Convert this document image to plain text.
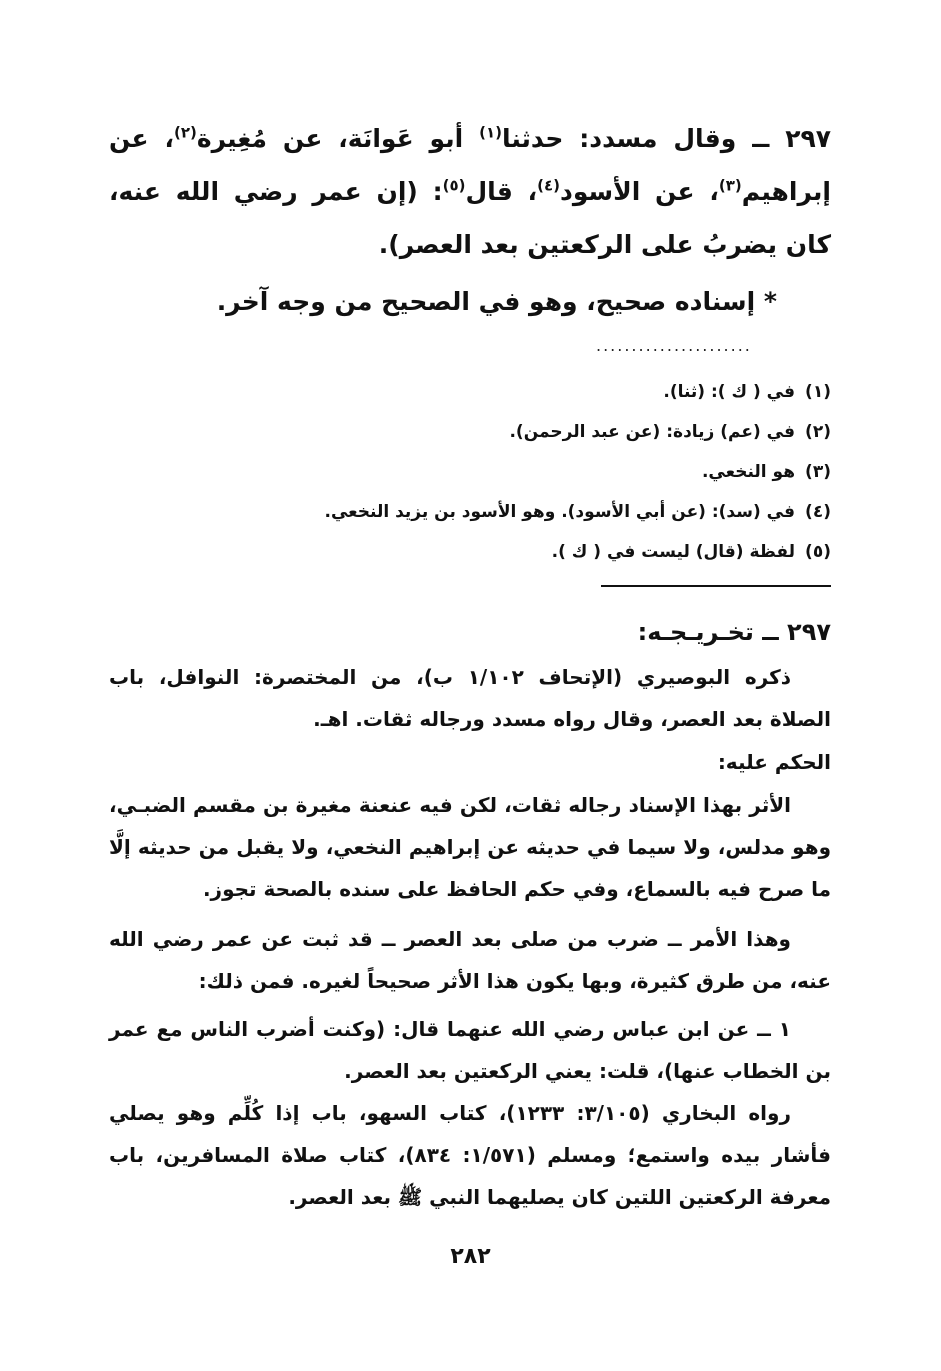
٢٩٧ ــ وقال مسدد: حدثنا$^{(١)}$ أبو عَوانَة، عن مُغِيرة$^{(٢)}$، عن إبراهيم$^{(٣)}$، عن الأسود$^{(٤)}$، قال$^{(٥)}$: (إن عمر رضي الله عنه، كان يضربُ على الركعتين بعد العصر).

* إسناده صحيح، وهو في الصحيح من وجه آخر.

......................
(١)في ( ك ): (ثنا).
(٢)في (عم) زيادة: (عن عبد الرحمن).
(٣)هو النخعي.
(٤)في (سد): (عن أبي الأسود). وهو الأسود بن يزيد النخعي.
(٥)لفظة (قال) ليست في ( ك ).
٢٩٧ ــ تخـريـجـه:

ذكره البوصيري (الإتحاف ١/١٠٢ ب)، من المختصرة: النوافل، باب الصلاة بعد العصر، وقال رواه مسدد ورجاله ثقات. اهـ.

الحكم عليه:

الأثر بهذا الإسناد رجاله ثقات، لكن فيه عنعنة مغيرة بن مقسم الضبـي، وهو مدلس، ولا سيما في حديثه عن إبراهيم النخعي، ولا يقبل من حديثه إلَّا ما صرح فيه بالسماع، وفي حكم الحافظ على سنده بالصحة تجوز.

وهذا الأمر ــ ضرب من صلى بعد العصر ــ قد ثبت عن عمر رضي الله عنه، من طرق كثيرة، وبها يكون هذا الأثر صحيحاً لغيره. فمن ذلك:

١ ــ عن ابن عباس رضي الله عنهما قال: (وكنت أضرب الناس مع عمر بن الخطاب عنها)، قلت: يعني الركعتين بعد العصر.

رواه البخاري (٣/١٠٥: ١٢٣٣)، كتاب السهو، باب إذا كُلِّم وهو يصلي فأشار بيده واستمع؛ ومسلم (١/٥٧١: ٨٣٤)، كتاب صلاة المسافرين، باب معرفة الركعتين اللتين كان يصليهما النبي ﷺ بعد العصر.

٢٨٢
